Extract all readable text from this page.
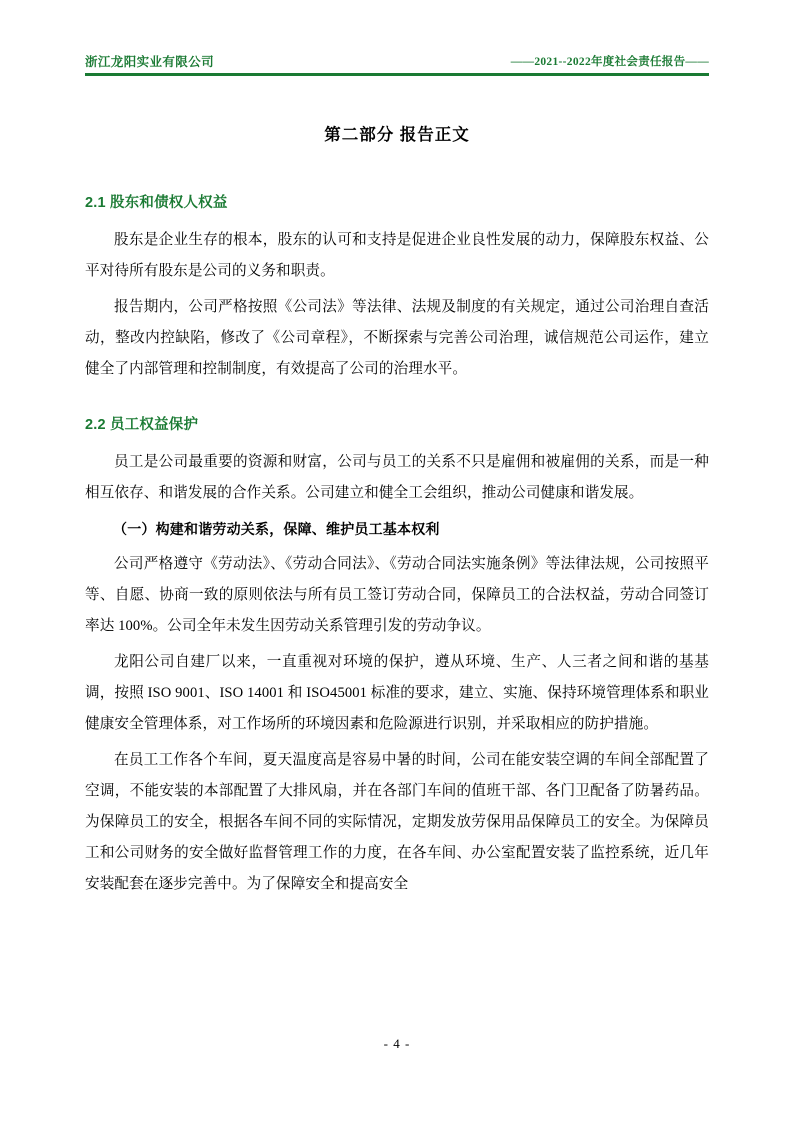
浙江龙阳实业有限公司	——2021--2022年度社会责任报告——
第二部分 报告正文
2.1 股东和债权人权益

股东是企业生存的根本，股东的认可和支持是促进企业良性发展的动力，保障股东权益、公平对待所有股东是公司的义务和职责。

报告期内，公司严格按照《公司法》等法律、法规及制度的有关规定，通过公司治理自查活动，整改内控缺陷，修改了《公司章程》，不断探索与完善公司治理，诚信规范公司运作，建立健全了内部管理和控制制度，有效提高了公司的治理水平。

2.2 员工权益保护

员工是公司最重要的资源和财富，公司与员工的关系不只是雇佣和被雇佣的关系，而是一种相互依存、和谐发展的合作关系。公司建立和健全工会组织，推动公司健康和谐发展。

（一）构建和谐劳动关系，保障、维护员工基本权利

公司严格遵守《劳动法》、《劳动合同法》、《劳动合同法实施条例》等法律法规，公司按照平等、自愿、协商一致的原则依法与所有员工签订劳动合同，保障员工的合法权益，劳动合同签订率达 100%。公司全年未发生因劳动关系管理引发的劳动争议。

龙阳公司自建厂以来，一直重视对环境的保护，遵从环境、生产、人三者之间和谐的基基调，按照 ISO 9001、ISO 14001 和 ISO45001 标准的要求，建立、实施、保持环境管理体系和职业健康安全管理体系，对工作场所的环境因素和危险源进行识别，并采取相应的防护措施。

在员工工作各个车间，夏天温度高是容易中暑的时间，公司在能安装空调的车间全部配置了空调，不能安装的本部配置了大排风扇，并在各部门车间的值班干部、各门卫配备了防暑药品。为保障员工的安全，根据各车间不同的实际情况，定期发放劳保用品保障员工的安全。为保障员工和公司财务的安全做好监督管理工作的力度，在各车间、办公室配置安装了监控系统，近几年安装配套在逐步完善中。为了保障安全和提高安全

- 4 -
